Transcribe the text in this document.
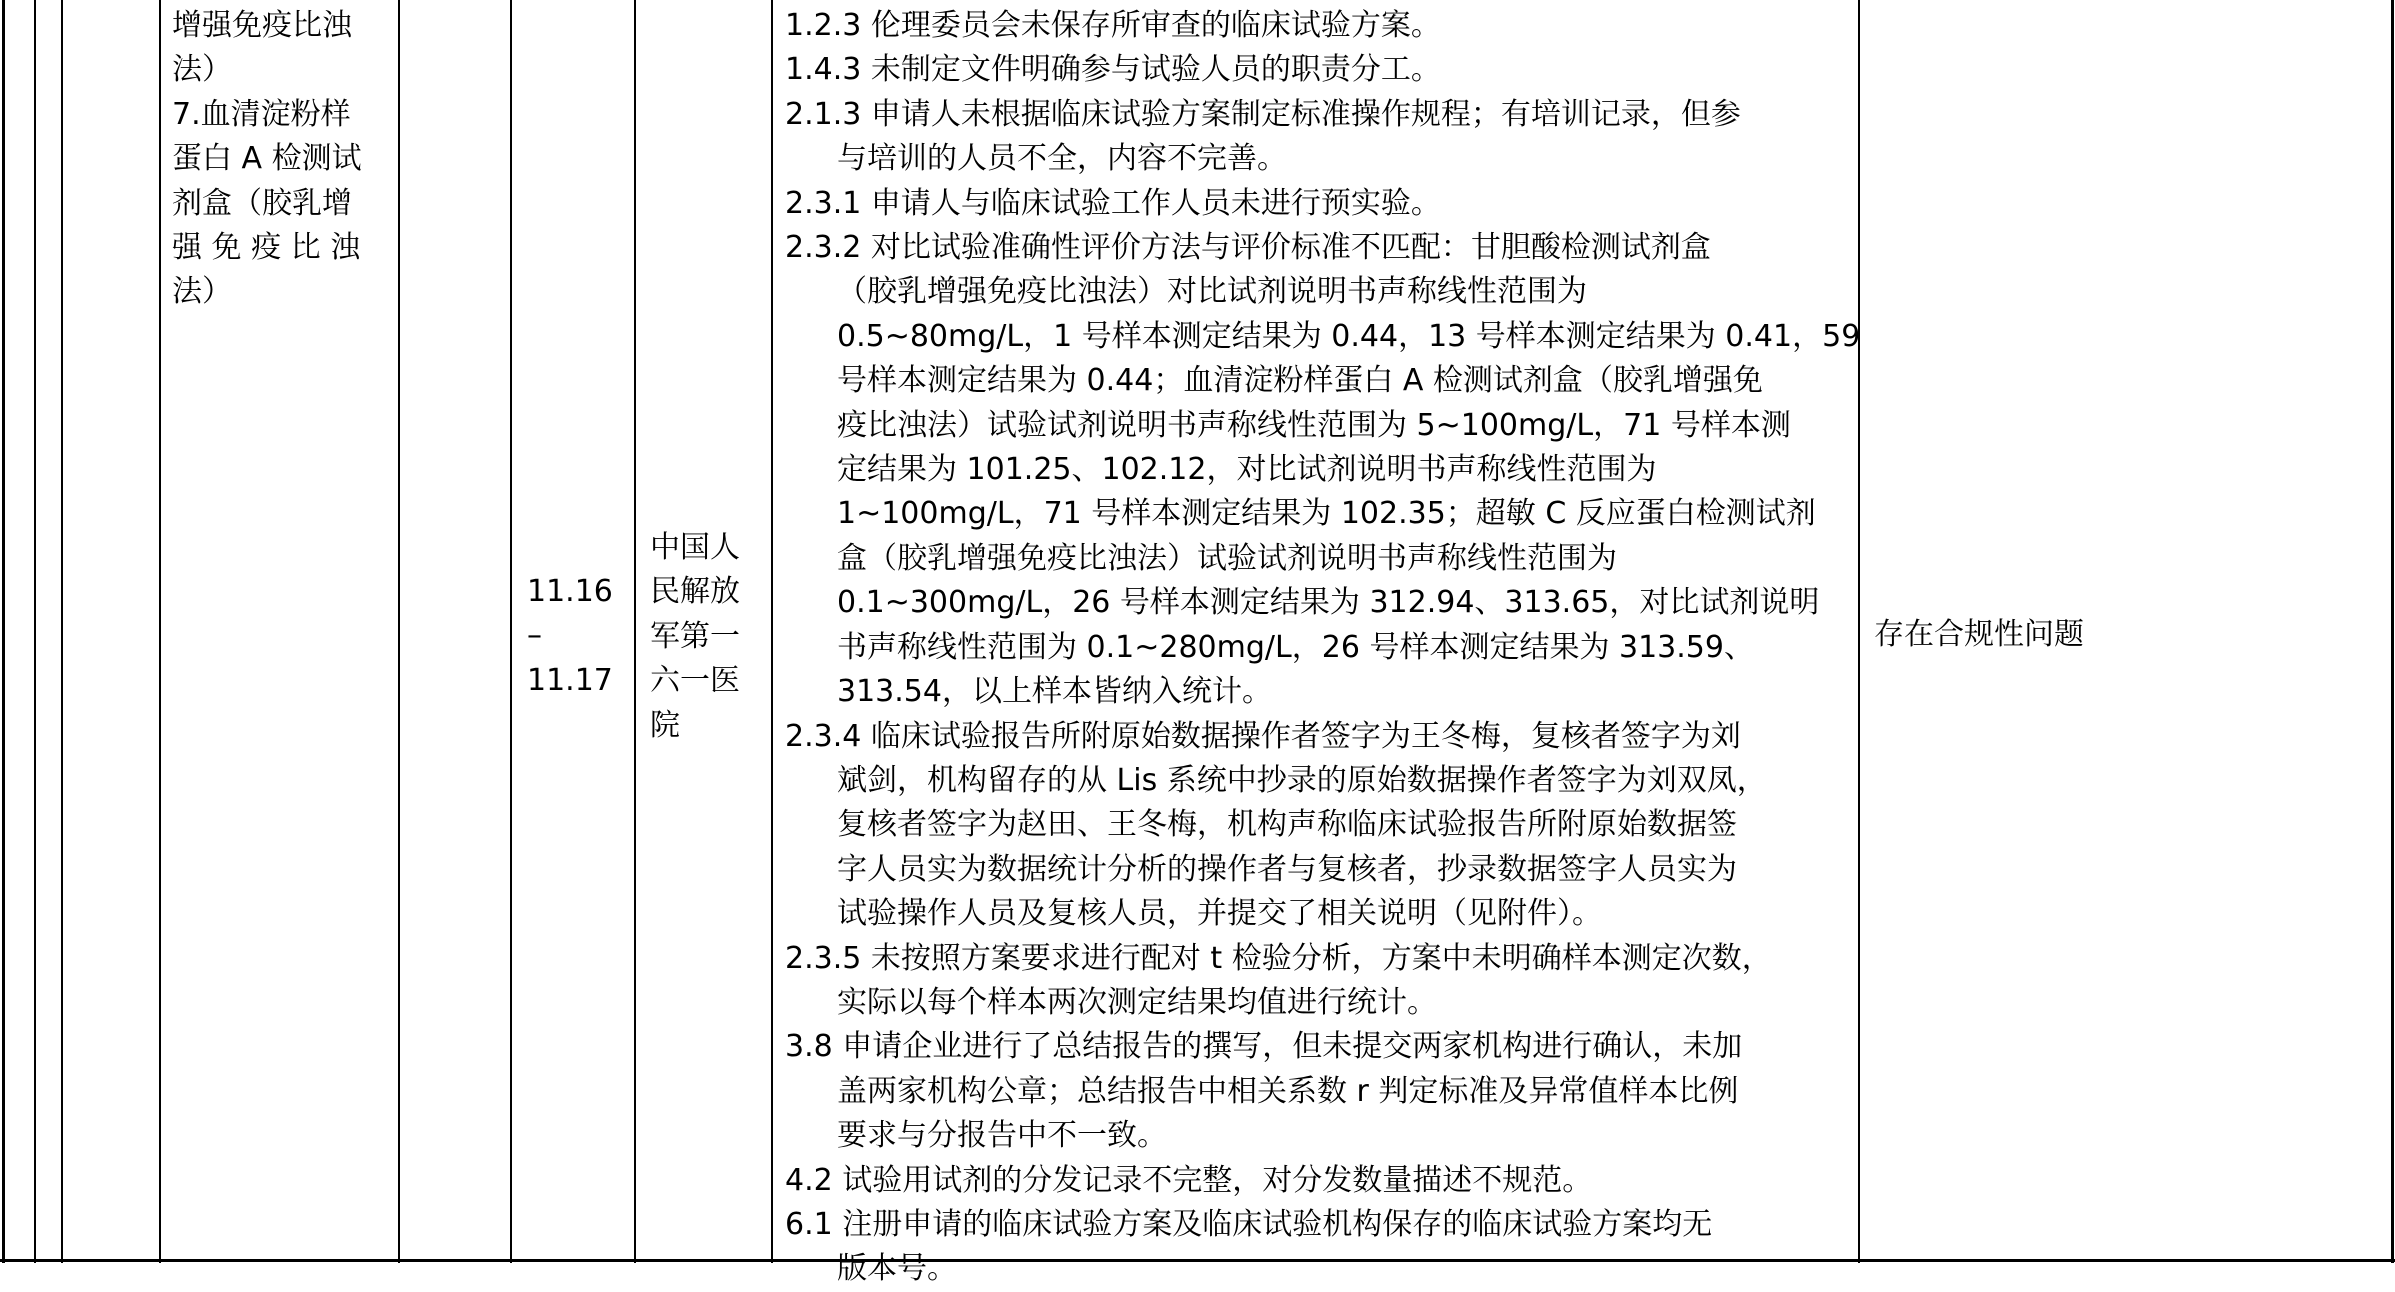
增强免疫比浊
法）
7.血清淀粉样
蛋白 A 检测试
剂盒（胶乳增
强 免 疫 比 浊
法）
11.16
–
11.17
中国人
民解放
军第一
六一医
院
1.2.3 伦理委员会未保存所审查的临床试验方案。
1.4.3 未制定文件明确参与试验人员的职责分工。
2.1.3 申请人未根据临床试验方案制定标准操作规程；有培训记录，但参
与培训的人员不全，内容不完善。
2.3.1 申请人与临床试验工作人员未进行预实验。
2.3.2 对比试验准确性评价方法与评价标准不匹配：甘胆酸检测试剂盒
（胶乳增强免疫比浊法）对比试剂说明书声称线性范围为
0.5~80mg/L，1 号样本测定结果为 0.44，13 号样本测定结果为 0.41，59
号样本测定结果为 0.44；血清淀粉样蛋白 A 检测试剂盒（胶乳增强免
疫比浊法）试验试剂说明书声称线性范围为 5~100mg/L，71 号样本测
定结果为 101.25、102.12，对比试剂说明书声称线性范围为
1~100mg/L，71 号样本测定结果为 102.35；超敏 C 反应蛋白检测试剂
盒（胶乳增强免疫比浊法）试验试剂说明书声称线性范围为
0.1~300mg/L，26 号样本测定结果为 312.94、313.65，对比试剂说明
书声称线性范围为 0.1~280mg/L，26 号样本测定结果为 313.59、
313.54，以上样本皆纳入统计。
2.3.4 临床试验报告所附原始数据操作者签字为王冬梅，复核者签字为刘
斌剑，机构留存的从 Lis 系统中抄录的原始数据操作者签字为刘双凤，
复核者签字为赵田、王冬梅，机构声称临床试验报告所附原始数据签
字人员实为数据统计分析的操作者与复核者，抄录数据签字人员实为
试验操作人员及复核人员，并提交了相关说明（见附件）。
2.3.5 未按照方案要求进行配对 t 检验分析，方案中未明确样本测定次数，
实际以每个样本两次测定结果均值进行统计。
3.8 申请企业进行了总结报告的撰写，但未提交两家机构进行确认，未加
盖两家机构公章；总结报告中相关系数 r 判定标准及异常值样本比例
要求与分报告中不一致。
4.2 试验用试剂的分发记录不完整，对分发数量描述不规范。
6.1 注册申请的临床试验方案及临床试验机构保存的临床试验方案均无
版本号。
存在合规性问题
